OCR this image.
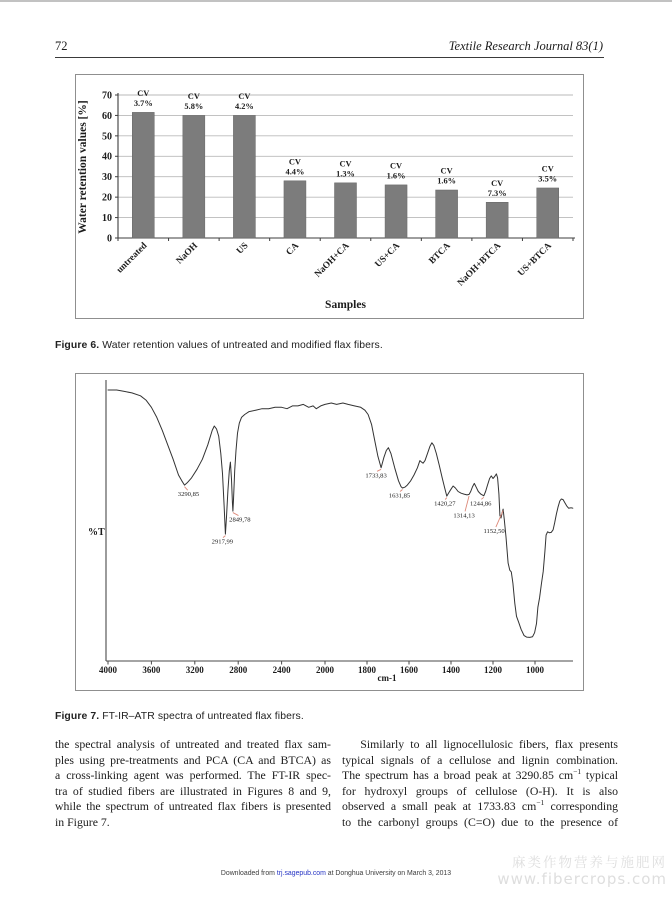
72	Textile Research Journal 83(1)
0
10
20
30
40
50
60
70	CV
3.7%
untreated
CV
5.8%
NaOH
CV
4.2%
US
CV
4.4%
CA
CV
1.3%
NaOH+CA
CV
1.6%
US+CA
CV
1.6%
BTCA
CV
7.3%
NaOH+BTCA
CV
3.5%
US+BTCA
Samples
Water retention values [%]

Figure 6. Water retention values of untreated and modified flax fibers.

4000	3600	3200	2800	2400	2000	1800	1600	1400	1200	1000
cm-1
%T
3290,85
2917,99
2849,78
1733,83
1631,85
1420,27
1314,13
1244,86
1152,50

Figure 7. FT-IR–ATR spectra of untreated flax fibers.

the spectral analysis of untreated and treated flax sam-
ples using pre-treatments and PCA (CA and BTCA) as
a cross-linking agent was performed. The FT-IR spec-
tra of studied fibers are illustrated in Figures 8 and 9,
while the spectrum of untreated flax fibers is presented
in Figure 7.
Similarly to all lignocellulosic fibers, flax presents
typical signals of a cellulose and lignin combination.
The spectrum has a broad peak at 3290.85 $cm^{-1}$ typical
for hydroxyl groups of cellulose (O-H). It is also
observed a small peak at 1733.83 $cm^{-1}$ corresponding
to the carbonyl groups (C=O) due to the presence of
Downloaded from trj.sagepub.com at Donghua University on March 3, 2013
麻类作物营养与施肥网
www.fibercrops.com
